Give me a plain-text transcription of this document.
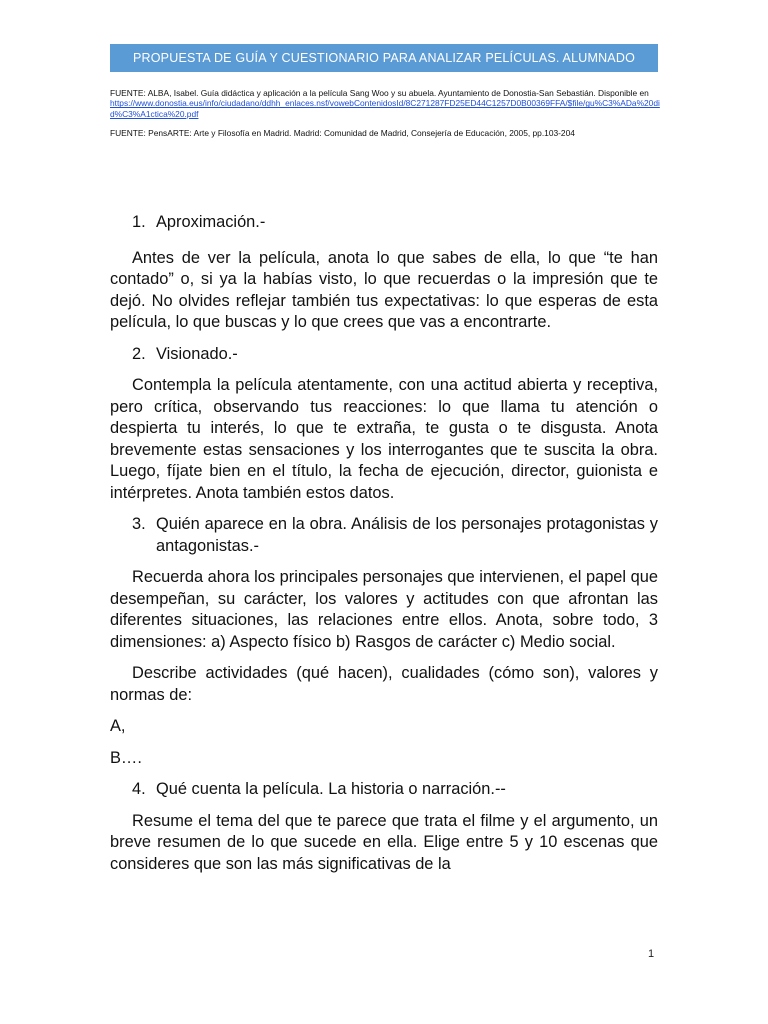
PROPUESTA DE GUÍA Y CUESTIONARIO PARA ANALIZAR PELÍCULAS. ALUMNADO

FUENTE: ALBA, Isabel. Guía didáctica y aplicación a la película Sang Woo y su abuela. Ayuntamiento de Donostia-San Sebastián. Disponible en
https://www.donostia.eus/info/ciudadano/ddhh_enlaces.nsf/vowebContenidosId/8C271287FD25ED44C1257D0B00369FFA/$file/gu%C3%ADa%20did%C3%A1ctica%20.pdf

FUENTE: PensARTE: Arte y Filosofía en Madrid. Madrid: Comunidad de Madrid, Consejería de Educación, 2005, pp.103-204

1. Aproximación.-

Antes de ver la película, anota lo que sabes de ella, lo que “te han contado” o, si ya la habías visto, lo que recuerdas o la impresión que te dejó. No olvides reflejar también tus expectativas: lo que esperas de esta película, lo que buscas y lo que crees que vas a encontrarte.

2. Visionado.-

Contempla la película atentamente, con una actitud abierta y receptiva, pero crítica, observando tus reacciones: lo que llama tu atención o despierta tu interés, lo que te extraña, te gusta o te disgusta. Anota brevemente estas sensaciones y los interrogantes que te suscita la obra. Luego, fíjate bien en el título, la fecha de ejecución, director, guionista e intérpretes. Anota también estos datos.

3. Quién aparece en la obra. Análisis de los personajes protagonistas y antagonistas.-

Recuerda ahora los principales personajes que intervienen, el papel que desempeñan, su carácter, los valores y actitudes con que afrontan las diferentes situaciones, las relaciones entre ellos. Anota, sobre todo, 3 dimensiones: a) Aspecto físico b) Rasgos de carácter c) Medio social.

Describe actividades (qué hacen), cualidades (cómo son), valores y normas de:

A,

B….

4. Qué cuenta la película. La historia o narración.--

Resume el tema del que te parece que trata el filme y el argumento, un breve resumen de lo que sucede en ella. Elige entre 5 y 10 escenas que consideres que son las más significativas de la

1
